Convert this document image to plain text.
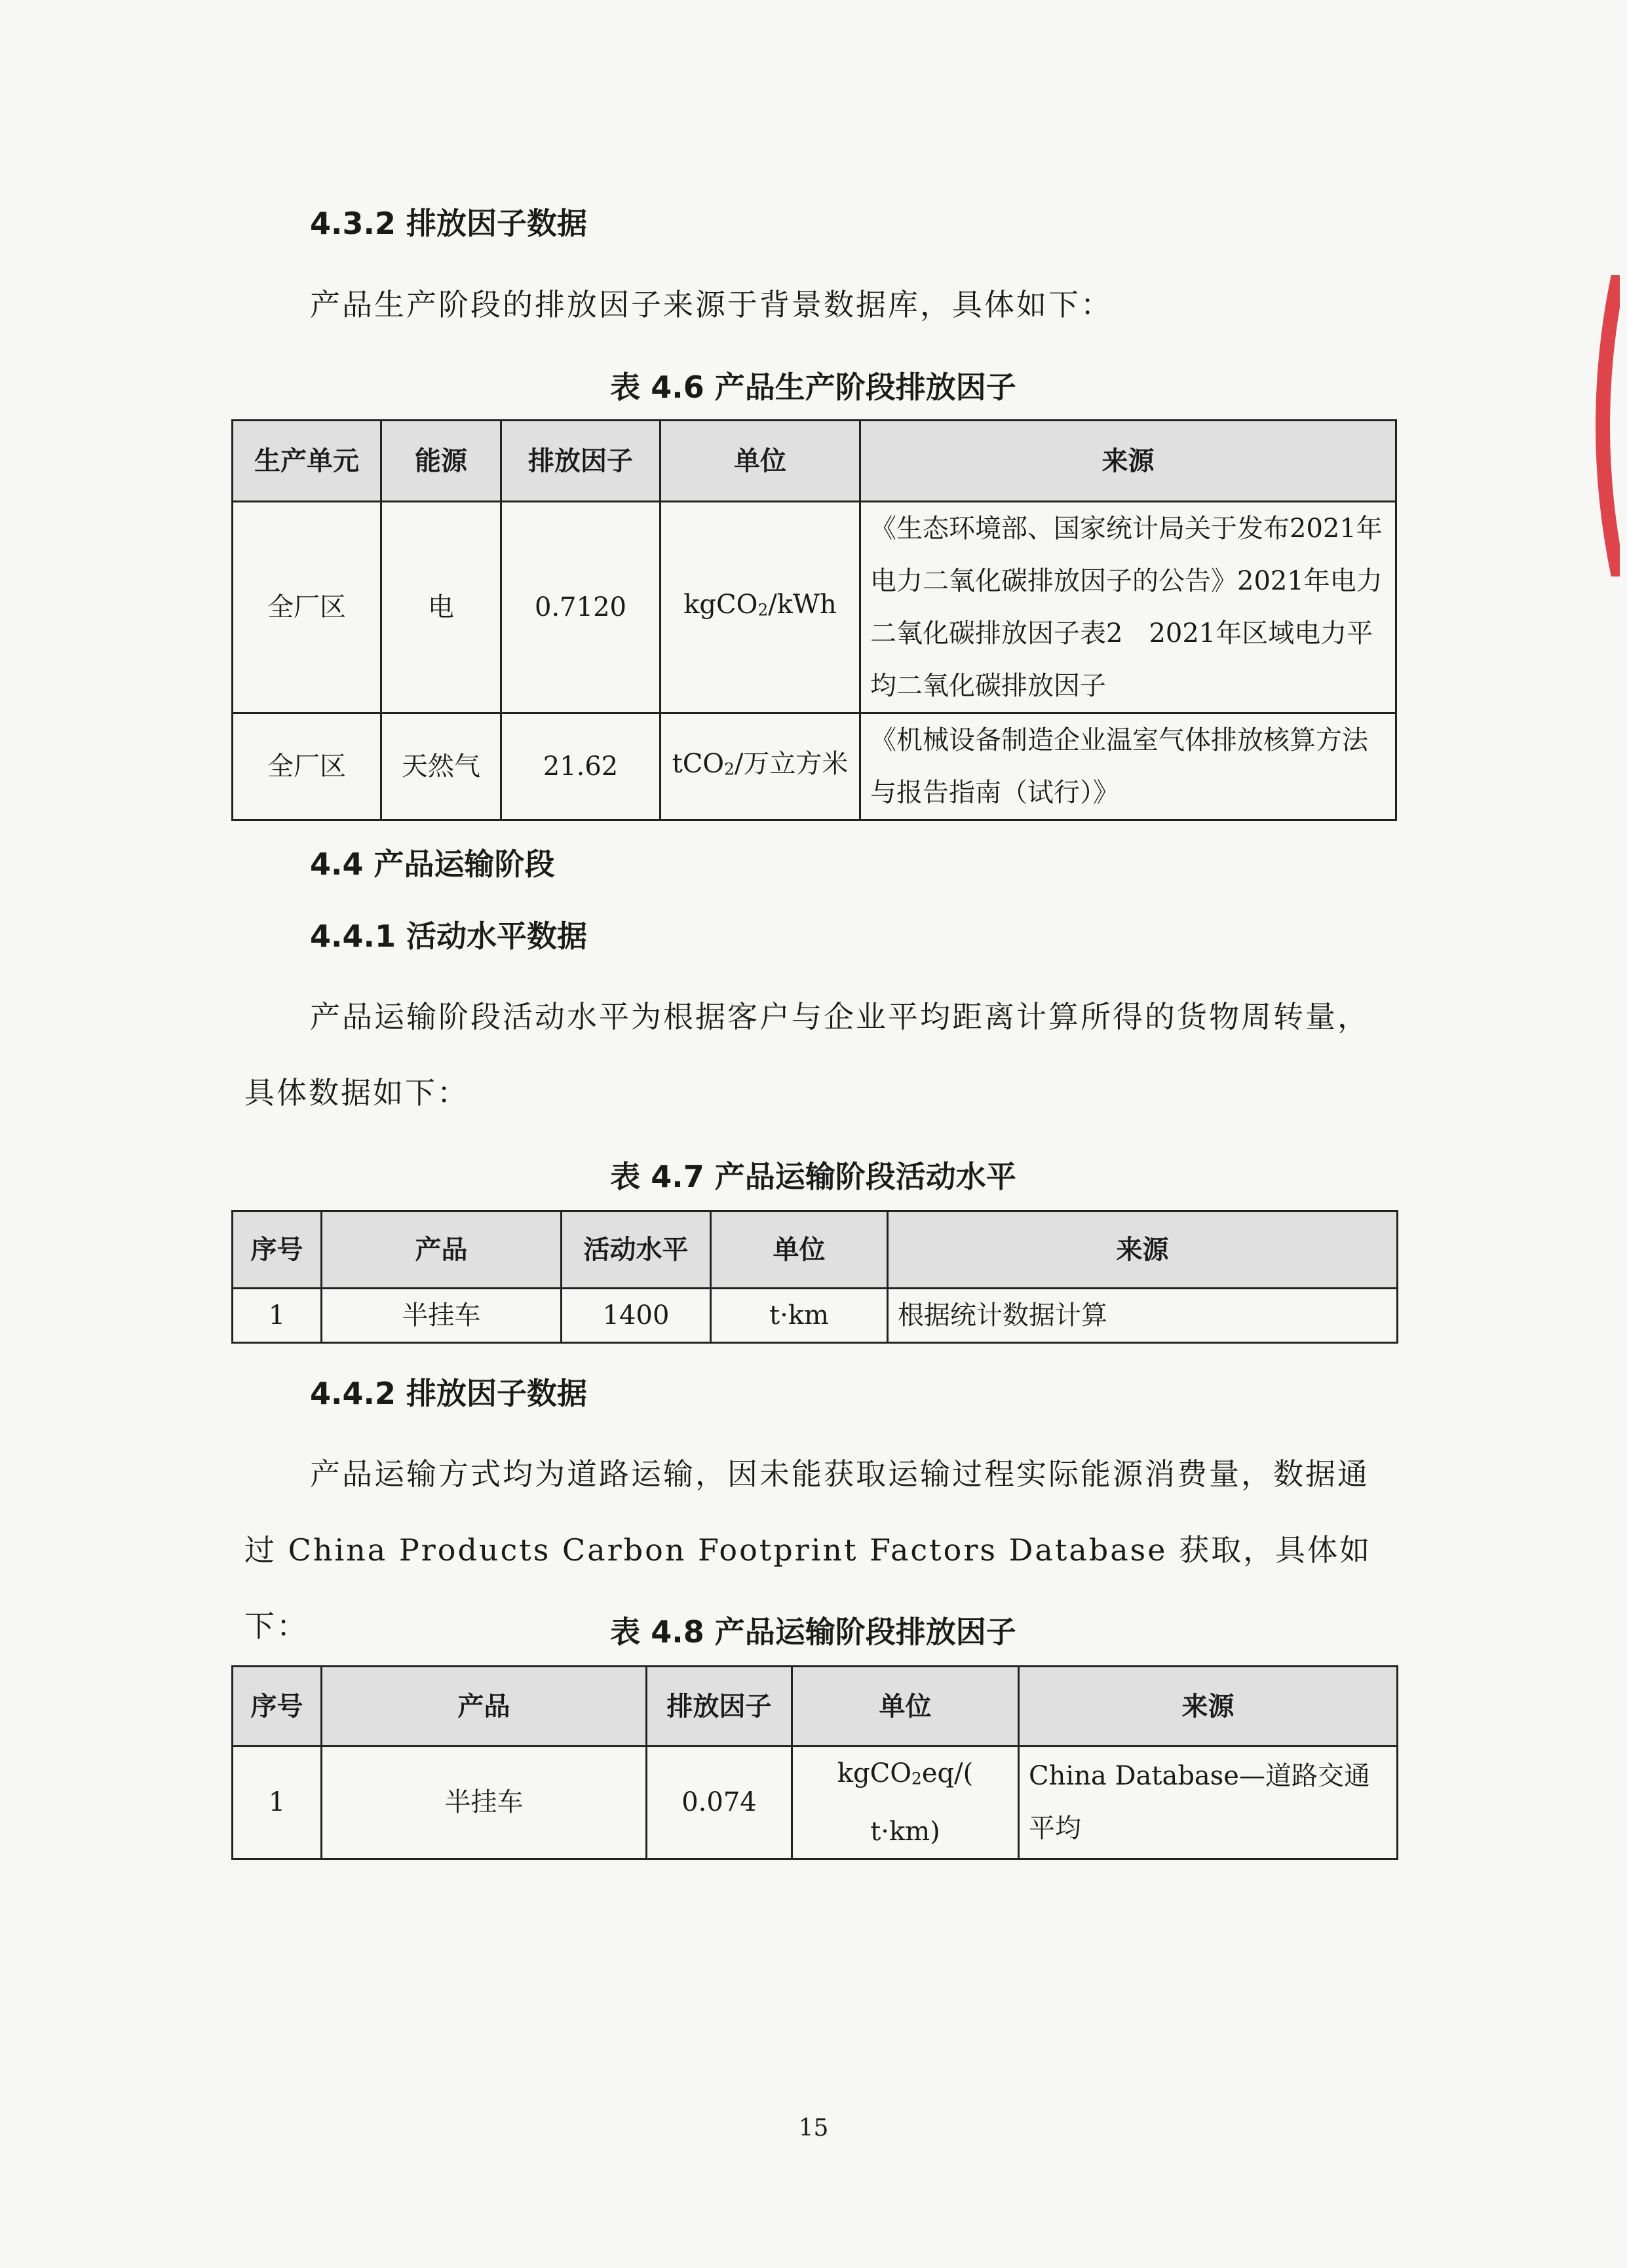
4.3.2 排放因子数据

产品生产阶段的排放因子来源于背景数据库，具体如下：

表 4.6 产品生产阶段排放因子
生产单元	能源	排放因子	单位	来源
全厂区	电	0.7120	kgCO$_2$/kWh	《生态环境部、国家统计局关于发布2021年电力二氧化碳排放因子的公告》2021年电力二氧化碳排放因子表2　2021年区域电力平均二氧化碳排放因子
全厂区	天然气	21.62	tCO$_2$/万立方米	《机械设备制造企业温室气体排放核算方法与报告指南（试行）》
4.4 产品运输阶段
4.4.1 活动水平数据

产品运输阶段活动水平为根据客户与企业平均距离计算所得的货物周转量，具体数据如下：

表 4.7 产品运输阶段活动水平
序号	产品	活动水平	单位	来源
1	半挂车	1400	t·km	根据统计数据计算
4.4.2 排放因子数据

产品运输方式均为道路运输，因未能获取运输过程实际能源消费量，数据通过 China Products Carbon Footprint Factors Database 获取，具体如下：	表 4.8 产品运输阶段排放因子
序号	产品	排放因子	单位	来源
1	半挂车	0.074	kgCO$_2$eq/( t·km)	China Database—道路交通平均
15
